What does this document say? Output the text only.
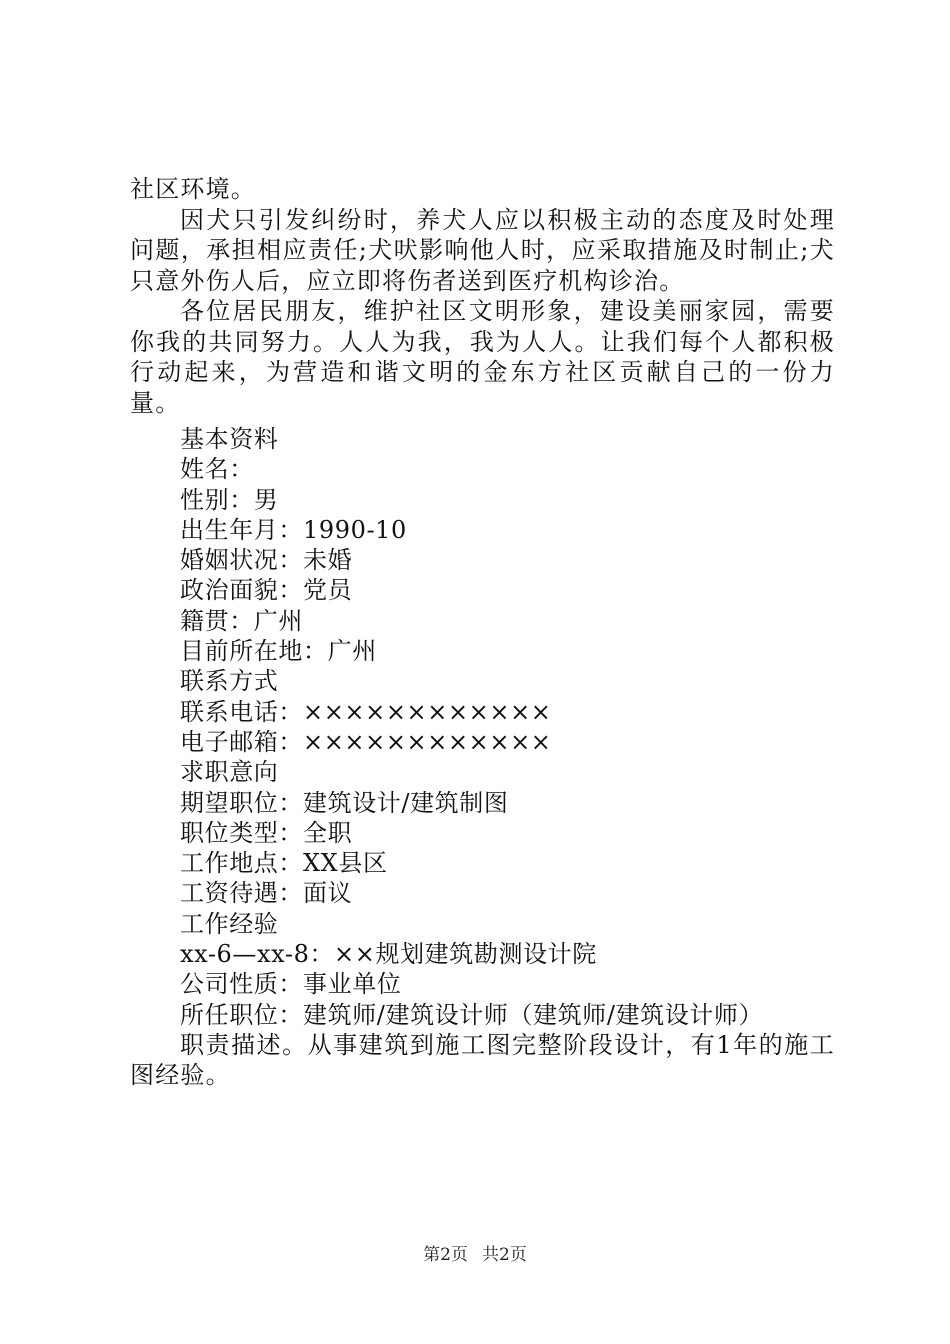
社区环境。

因犬只引发纠纷时，养犬人应以积极主动的态度及时处理问题，承担相应责任;犬吠影响他人时，应采取措施及时制止;犬只意外伤人后，应立即将伤者送到医疗机构诊治。

各位居民朋友，维护社区文明形象，建设美丽家园，需要你我的共同努力。人人为我，我为人人。让我们每个人都积极行动起来，为营造和谐文明的金东方社区贡献自己的一份力量。

基本资料

姓名：

性别：男

出生年月：1990-10

婚姻状况：未婚

政治面貌：党员

籍贯：广州

目前所在地：广州

联系方式

联系电话：××××××××××××

电子邮箱：××××××××××××

求职意向

期望职位：建筑设计/建筑制图

职位类型：全职

工作地点：XX县区

工资待遇：面议

工作经验

xx-6—xx-8：××规划建筑勘测设计院

公司性质：事业单位

所任职位：建筑师/建筑设计师（建筑师/建筑设计师）

职责描述。从事建筑到施工图完整阶段设计，有1年的施工图经验。

第2页 共2页
